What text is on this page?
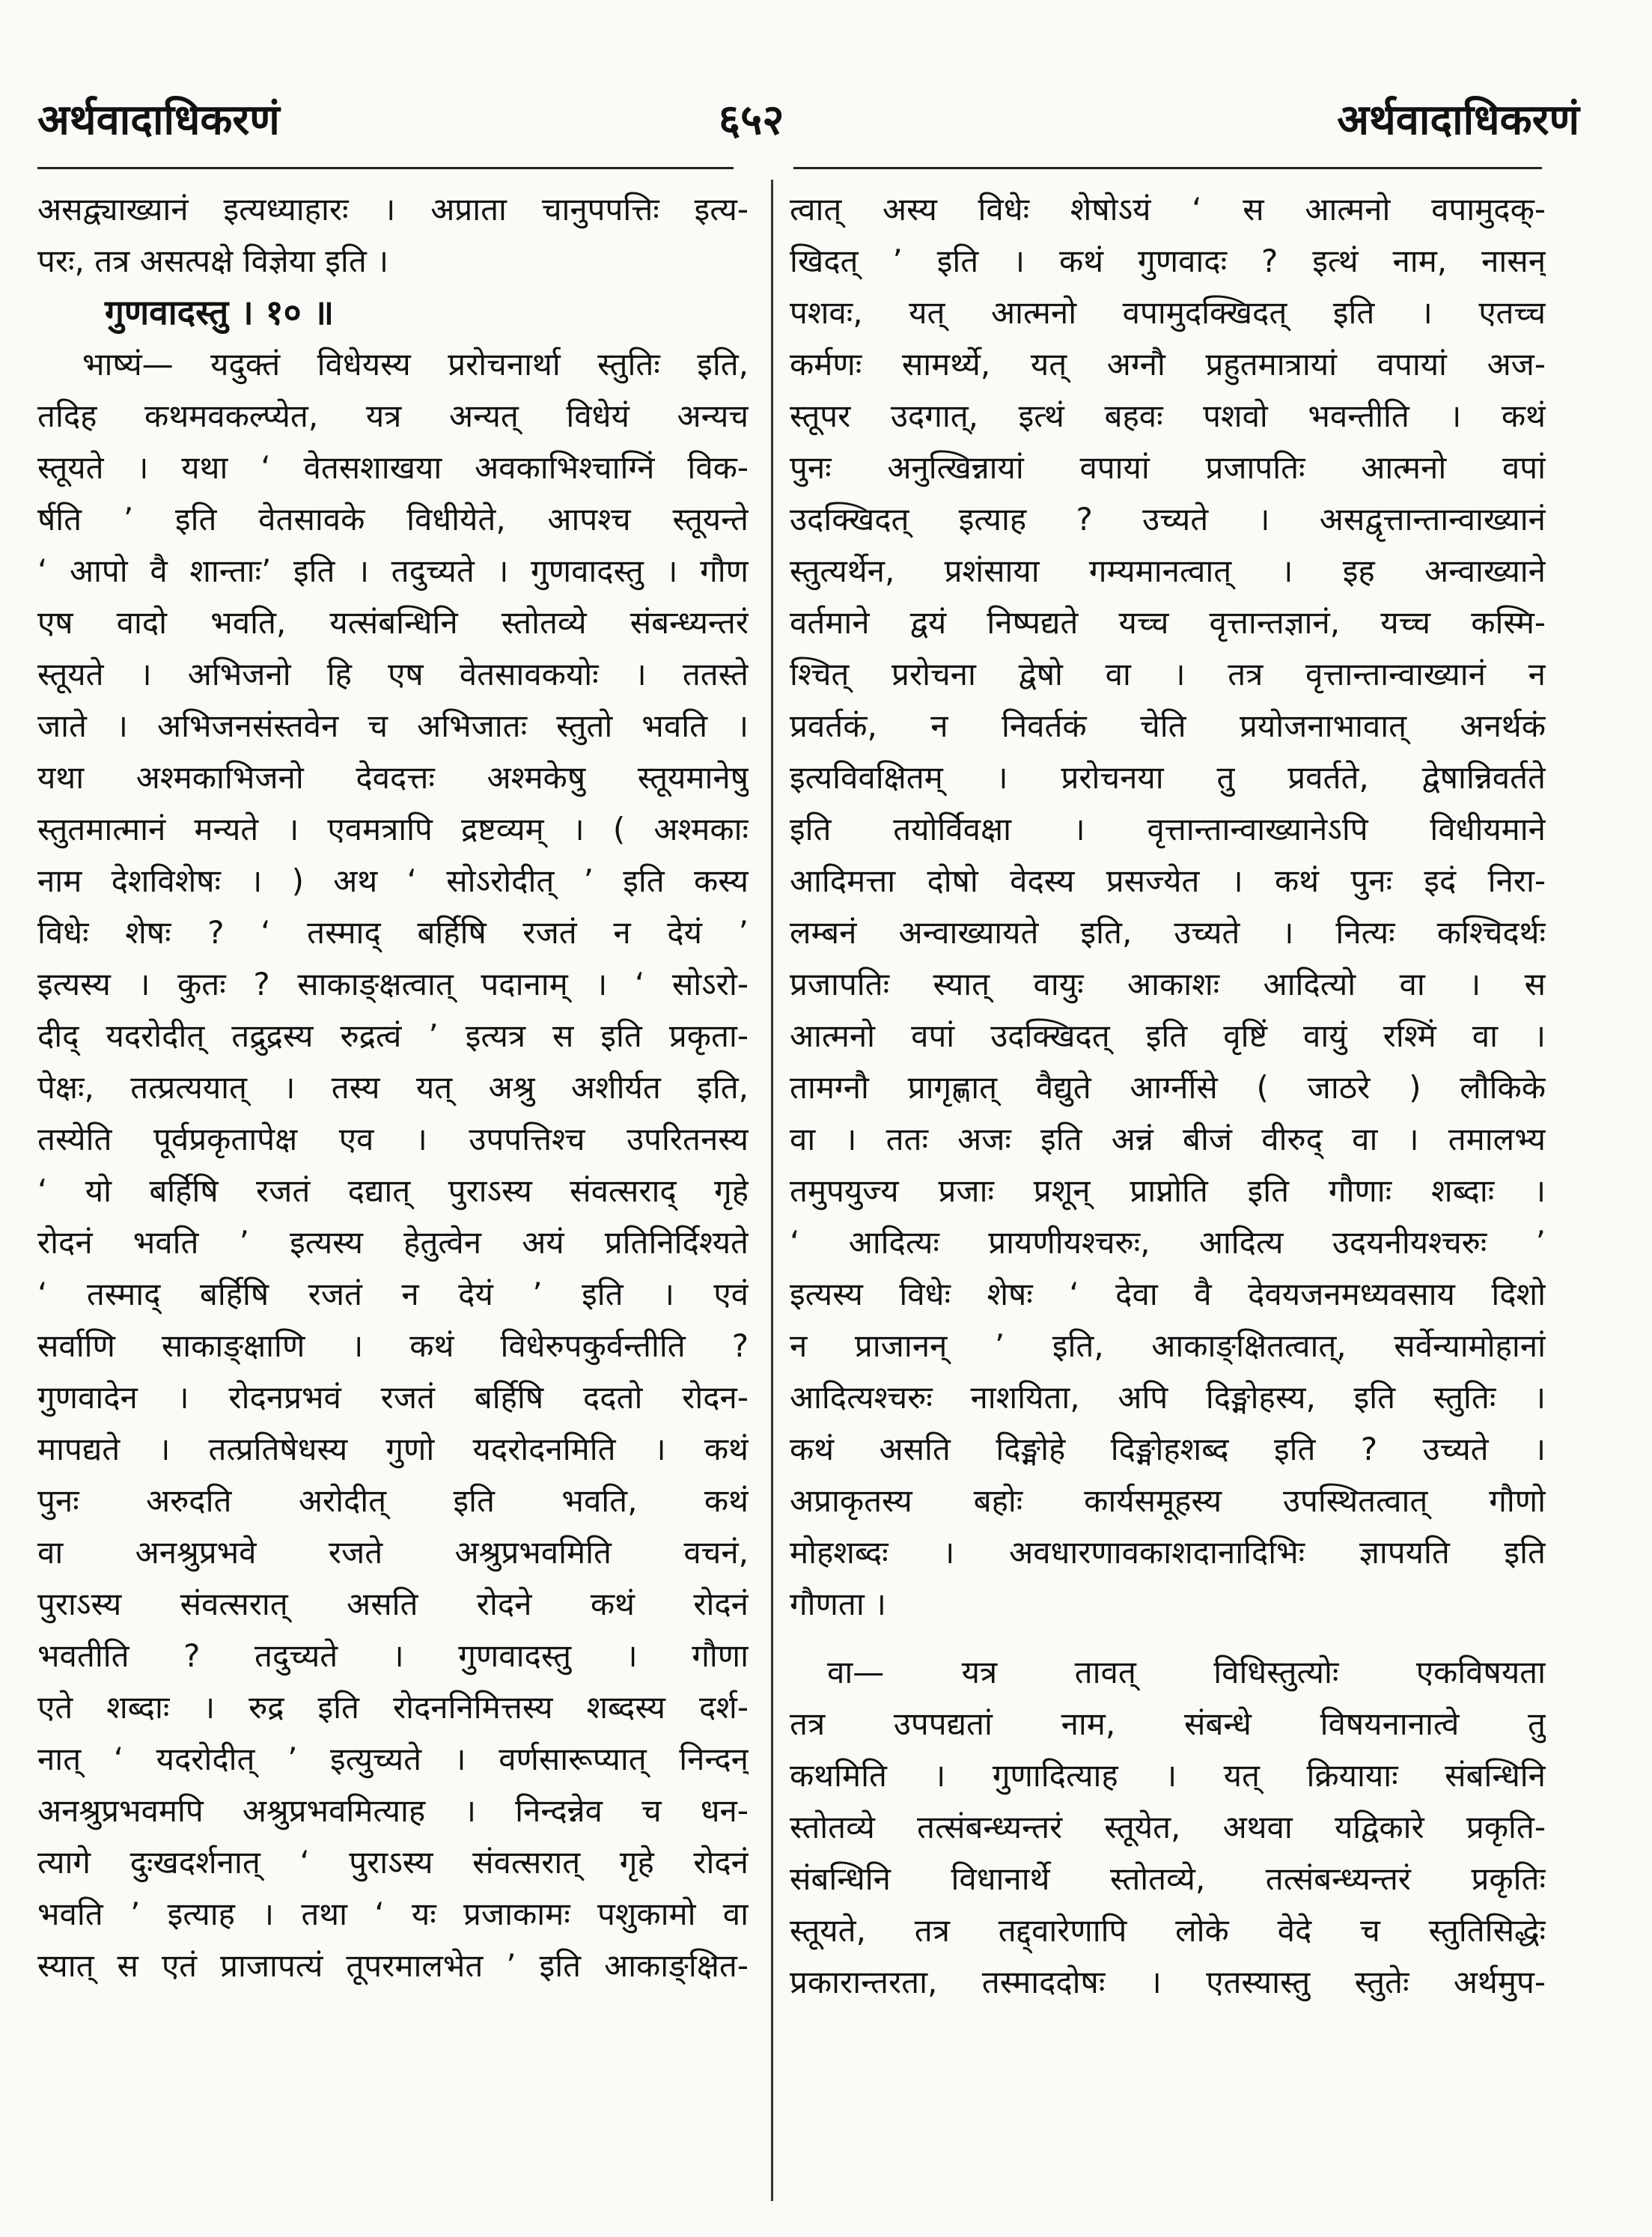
अर्थवादाधिकरणं	६५२	अर्थवादाधिकरणं
अस‌द्व्याख्यानं इत्यध्याहारः । अप्राता चानुपपत्तिः इत्य-
परः, तत्र असत्पक्षे विज्ञेया इति ।
गुणवादस्तु । १० ॥
भाष्यं— यदुक्तं विधेयस्य प्ररोचनार्था स्तुतिः इति,
तदिह कथमवकल्प्येत, यत्र अन्यत् विधेयं अन्यच
स्तूयते । यथा ‘ वेतसशाखया अवकाभिश्चाग्निं विक-
र्षति ’ इति वेतसावके विधीयेते, आपश्च स्तूयन्ते
‘ आपो वै शान्ताः’ इति । तदुच्यते । गुणवादस्तु । गौण
एष वादो भवति, यत्संबन्धिनि स्तोतव्ये संबन्ध्यन्तरं
स्तूयते । अभिजनो हि एष वेतसावकयोः । ततस्ते
जाते । अभिजनसंस्तवेन च अभिजातः स्तुतो भवति ।
यथा अश्मकाभिजनो देवदत्तः अश्मकेषु स्तूयमानेषु
स्तुतमात्मानं मन्यते । एवमत्रापि द्रष्टव्यम् । ( अश्मकाः
नाम देशविशेषः । ) अथ ‘ सोऽरोदीत् ’ इति कस्य
विधेः शेषः ? ‘ तस्माद् बर्हिषि रजतं न देयं ’
इत्यस्य । कुतः ? साकाङ्क्षत्वात् पदानाम् । ‘ सोऽरो-
दीद् यदरोदीत् तद्रुद्रस्य रुद्रत्वं ’ इत्यत्र स इति प्रकृता-
पेक्षः, तत्प्रत्ययात् । तस्य यत् अश्रु अशीर्यत इति,
तस्येति पूर्वप्रकृतापेक्ष एव । उपपत्तिश्च उपरितनस्य
‘ यो बर्हिषि रजतं दद्यात् पुराऽस्य संवत्सराद् गृहे
रोदनं भवति ’ इत्यस्य हेतुत्वेन अयं प्रतिनिर्दिश्यते
‘ तस्माद् बर्हिषि रजतं न देयं ’ इति । एवं
सर्वाणि साकाङ्क्षाणि । कथं विधेरुपकुर्वन्तीति ?
गुणवादेन । रोदनप्रभवं रजतं बर्हिषि ददतो रोदन-
मापद्यते । तत्प्रतिषेधस्य गुणो यदरोदनमिति । कथं
पुनः अरुदति अरोदीत् इति भवति, कथं
वा अनश्रुप्रभवे रजते अश्रुप्रभवमिति वचनं,
पुराऽस्य संवत्सरात् असति रोदने कथं रोदनं
भवतीति ? तदुच्यते । गुणवादस्तु । गौणा
एते शब्दाः । रुद्र इति रोदननिमित्तस्य शब्दस्य दर्श-
नात् ‘ यदरोदीत् ’ इत्युच्यते । वर्णसारूप्यात् निन्दन्
अनश्रुप्रभवमपि अश्रुप्रभवमित्याह । निन्दन्नेव च धन-
त्यागे दुःखदर्शनात् ‘ पुराऽस्य संवत्सरात् गृहे रोदनं
भवति ’ इत्याह । तथा ‘ यः प्रजाकामः पशुकामो वा
स्यात् स एतं प्राजापत्यं तूपरमालभेत ’ इति आकाङ्क्षित-
त्वात् अस्य विधेः शेषोऽयं ‘ स आत्मनो वपामुदक्-
खिदत् ’ इति । कथं गुणवादः ? इत्थं नाम, नासन्
पशवः, यत् आत्मनो वपामुदक्खिदत् इति । एतच्च
कर्मणः सामर्थ्ये, यत् अग्नौ प्रहुतमात्रायां वपायां अज-
स्तूपर उदगात्, इत्थं बहवः पशवो भवन्तीति । कथं
पुनः अनुत्खिन्नायां वपायां प्रजापतिः आत्मनो वपां
उदक्खिदत् इत्याह ? उच्यते । असद्वृत्तान्तान्वाख्यानं
स्तुत्यर्थेन, प्रशंसाया गम्यमानत्वात् । इह अन्वाख्याने
वर्तमाने द्वयं निष्पद्यते यच्च वृत्तान्तज्ञानं, यच्च कस्मि-
श्चित् प्ररोचना द्वेषो वा । तत्र वृत्तान्तान्वाख्यानं न
प्रवर्तकं, न निवर्तकं चेति प्रयोजनाभावात् अनर्थकं
इत्यविवक्षितम् । प्ररोचनया तु प्रवर्तते, द्वेषान्निवर्तते
इति तयोर्विवक्षा । वृत्तान्तान्वाख्यानेऽपि विधीयमाने
आदिमत्ता दोषो वेदस्य प्रसज्येत । कथं पुनः इदं निरा-
लम्बनं अन्वाख्यायते इति, उच्यते । नित्यः कश्चिदर्थः
प्रजापतिः स्यात् वायुः आकाशः आदित्यो वा । स
आत्मनो वपां उदक्खिदत् इति वृष्टिं वायुं रश्मिं वा ।
तामग्नौ प्रागृह्णात् वैद्युते आर्ग्नीसे ( जाठरे ) लौकिके
वा । ततः अजः इति अन्नं बीजं वीरुद् वा । तमालभ्य
तमुपयुज्य प्रजाः प्रशून् प्राप्नोति इति गौणाः शब्दाः ।
‘ आदित्यः प्रायणीयश्चरुः, आदित्य उदयनीयश्चरुः ’
इत्यस्य विधेः शेषः ‘ देवा वै देवयजनमध्यवसाय दिशो
न प्राजानन् ’ इति, आकाङ्क्षितत्वात्, सर्वेन्यामोहानां
आदित्यश्चरुः नाशयिता, अपि दिङ्मोहस्य, इति स्तुतिः ।
कथं असति दिङ्मोहे दिङ्मोहशब्द इति ? उच्यते ।
अप्राकृतस्य बहोः कार्यसमूहस्य उपस्थितत्वात् गौणो
मोहशब्दः । अवधारणावकाशदानादिभिः ज्ञापयति इति
गौणता ।
वा— यत्र तावत् विधिस्तुत्योः एकविषयता
तत्र उपपद्यतां नाम, संबन्धे विषयनानात्वे तु
कथमिति । गुणादित्याह । यत् क्रियायाः संबन्धिनि
स्तोतव्ये तत्संबन्ध्यन्तरं स्तूयेत, अथवा यद्विकारे प्रकृति-
संबन्धिनि विधानार्थे स्तोतव्ये, तत्संबन्ध्यन्तरं प्रकृतिः
स्तूयते, तत्र तद्द्वारेणापि लोके वेदे च स्तुतिसिद्धेः
प्रकारान्तरता, तस्माददोषः । एतस्यास्तु स्तुतेः अर्थमुप-
